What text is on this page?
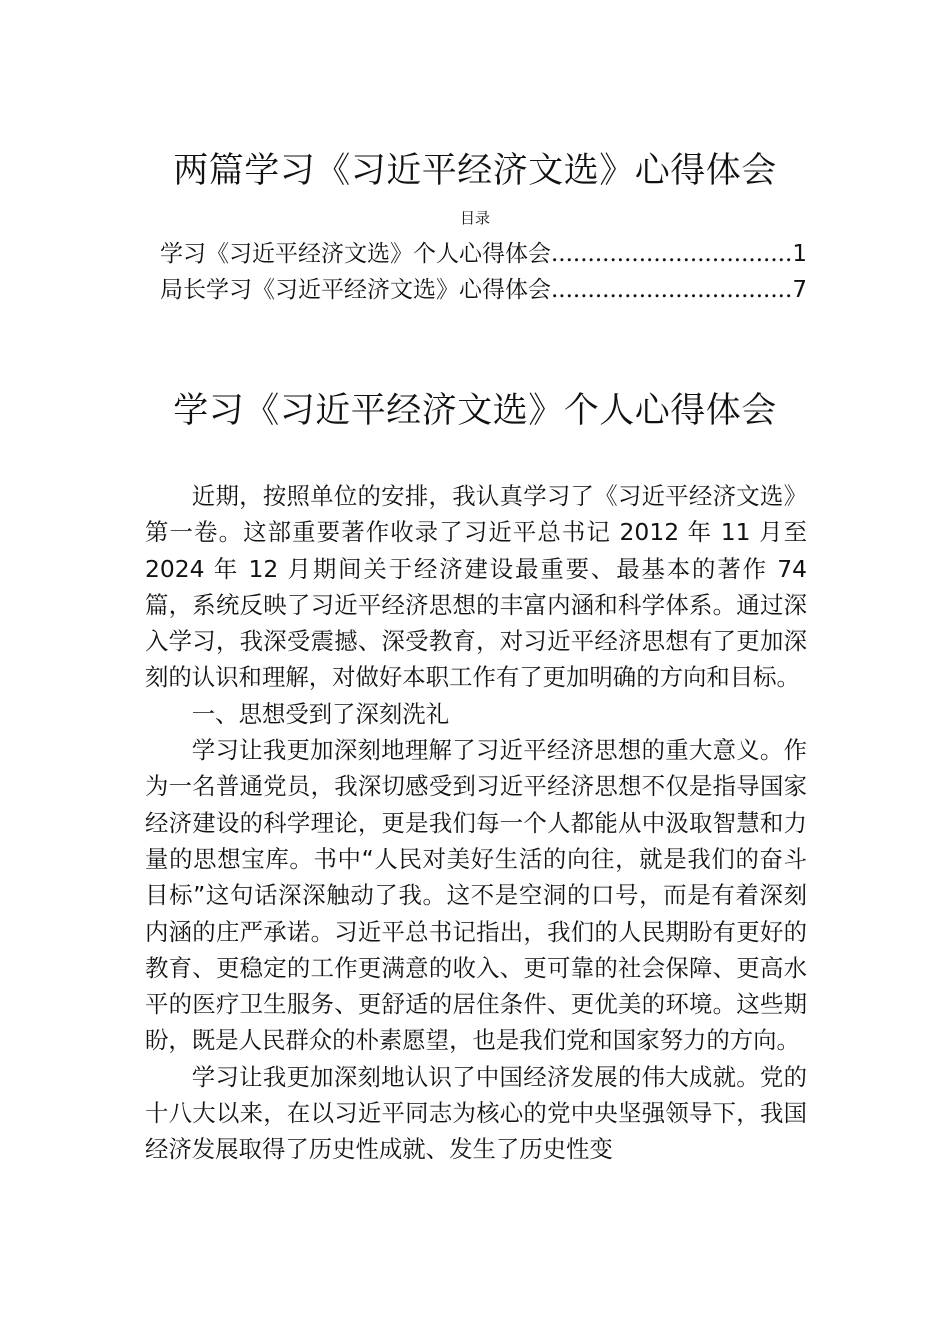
两篇学习《习近平经济文选》心得体会
目录
学习《习近平经济文选》个人心得体会 .....	1
局长学习《习近平经济文选》心得体会 .....	7
学习《习近平经济文选》个人心得体会

近期，按照单位的安排，我认真学习了《习近平经济文选》第一卷。这部重要著作收录了习近平总书记 2012 年 11 月至 2024 年 12 月期间关于经济建设最重要、最基本的著作 74 篇，系统反映了习近平经济思想的丰富内涵和科学体系。通过深入学习，我深受震撼、深受教育，对习近平经济思想有了更加深刻的认识和理解，对做好本职工作有了更加明确的方向和目标。

一、思想受到了深刻洗礼

学习让我更加深刻地理解了习近平经济思想的重大意义。作为一名普通党员，我深切感受到习近平经济思想不仅是指导国家经济建设的科学理论，更是我们每一个人都能从中汲取智慧和力量的思想宝库。书中“人民对美好生活的向往，就是我们的奋斗目标”这句话深深触动了我。这不是空洞的口号，而是有着深刻内涵的庄严承诺。习近平总书记指出，我们的人民期盼有更好的教育、更稳定的工作更满意的收入、更可靠的社会保障、更高水平的医疗卫生服务、更舒适的居住条件、更优美的环境。这些期盼，既是人民群众的朴素愿望，也是我们党和国家努力的方向。

学习让我更加深刻地认识了中国经济发展的伟大成就。党的十八大以来，在以习近平同志为核心的党中央坚强领导下，我国经济发展取得了历史性成就、发生了历史性变
